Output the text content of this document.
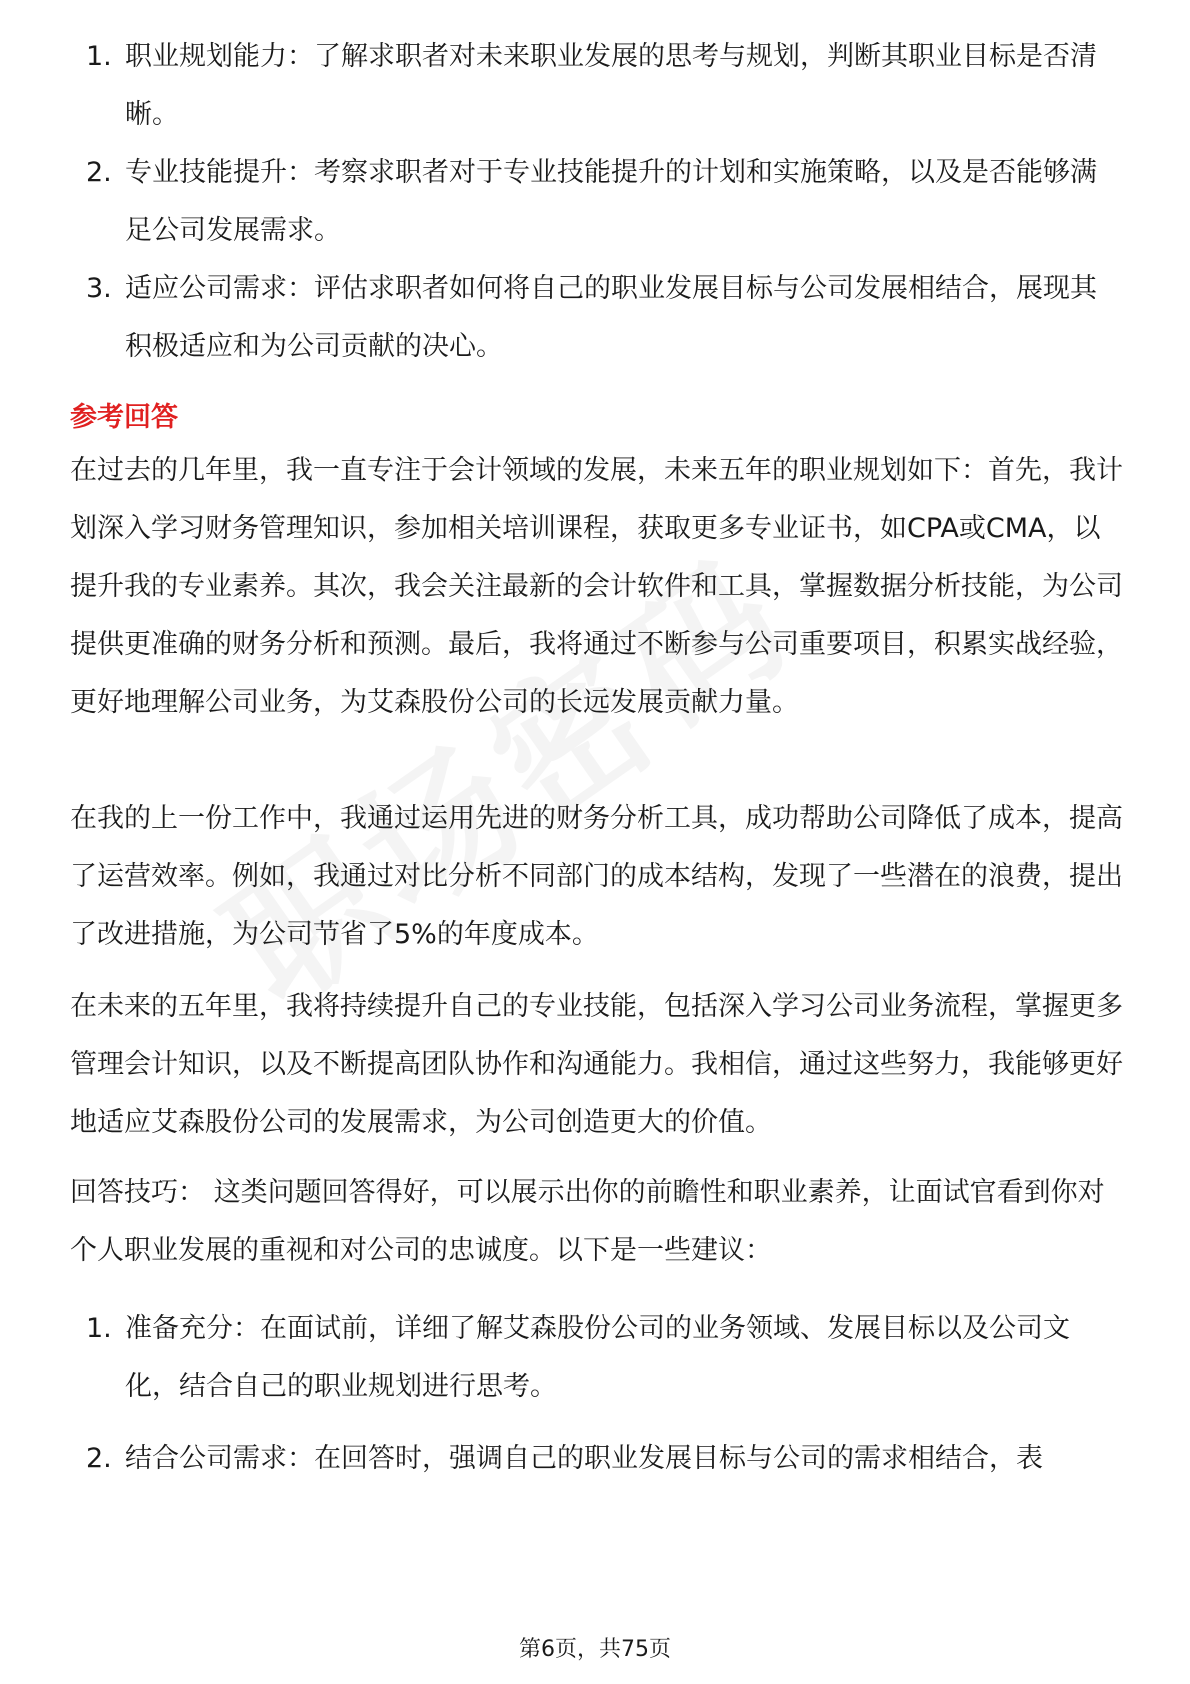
1. 职业规划能力：了解求职者对未来职业发展的思考与规划，判断其职业目标是否清晰。
2. 专业技能提升：考察求职者对于专业技能提升的计划和实施策略，以及是否能够满足公司发展需求。
3. 适应公司需求：评估求职者如何将自己的职业发展目标与公司发展相结合，展现其积极适应和为公司贡献的决心。
参考回答

在过去的几年里，我一直专注于会计领域的发展，未来五年的职业规划如下：首先，我计划深入学习财务管理知识，参加相关培训课程，获取更多专业证书，如CPA或CMA，以提升我的专业素养。其次，我会关注最新的会计软件和工具，掌握数据分析技能，为公司提供更准确的财务分析和预测。最后，我将通过不断参与公司重要项目，积累实战经验，更好地理解公司业务，为艾森股份公司的长远发展贡献力量。

在我的上一份工作中，我通过运用先进的财务分析工具，成功帮助公司降低了成本，提高了运营效率。例如，我通过对比分析不同部门的成本结构，发现了一些潜在的浪费，提出了改进措施，为公司节省了5%的年度成本。

在未来的五年里，我将持续提升自己的专业技能，包括深入学习公司业务流程，掌握更多管理会计知识，以及不断提高团队协作和沟通能力。我相信，通过这些努力，我能够更好地适应艾森股份公司的发展需求，为公司创造更大的价值。

回答技巧： 这类问题回答得好，可以展示出你的前瞻性和职业素养，让面试官看到你对个人职业发展的重视和对公司的忠诚度。以下是一些建议：

1. 准备充分：在面试前，详细了解艾森股份公司的业务领域、发展目标以及公司文化，结合自己的职业规划进行思考。
2. 结合公司需求：在回答时，强调自己的职业发展目标与公司的需求相结合，表
第6页，共75页
